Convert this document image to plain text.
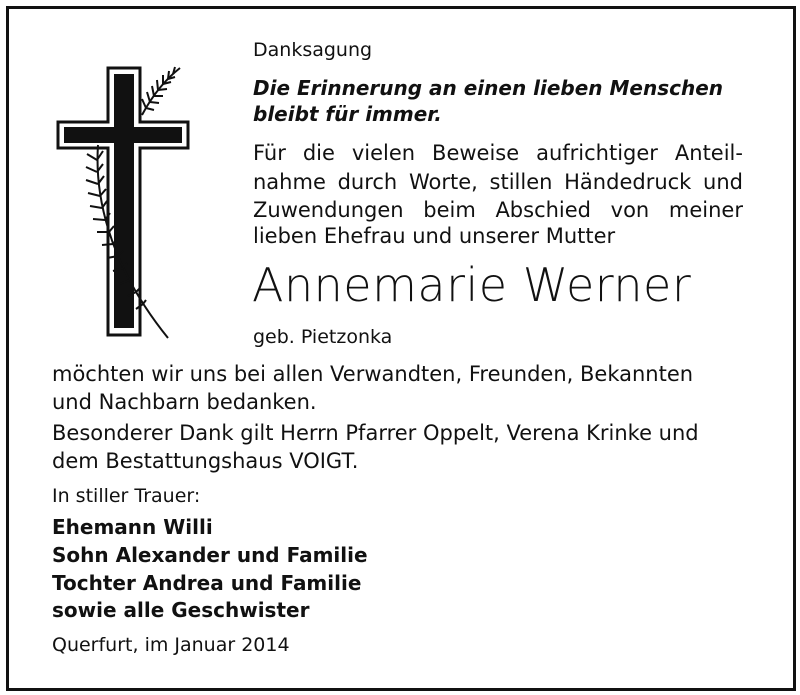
Danksagung
Die Erinnerung an einen lieben Menschen
bleibt für immer.
Für die vielen Beweise aufrichtiger Anteil-
nahme durch Worte, stillen Händedruck und
Zuwendungen beim Abschied von meiner
lieben Ehefrau und unserer Mutter
Annemarie Werner
geb. Pietzonka
möchten wir uns bei allen Verwandten, Freunden, Bekannten
und Nachbarn bedanken.
Besonderer Dank gilt Herrn Pfarrer Oppelt, Verena Krinke und
dem Bestattungshaus VOIGT.
In stiller Trauer:
Ehemann Willi
Sohn Alexander und Familie
Tochter Andrea und Familie
sowie alle Geschwister
Querfurt, im Januar 2014
